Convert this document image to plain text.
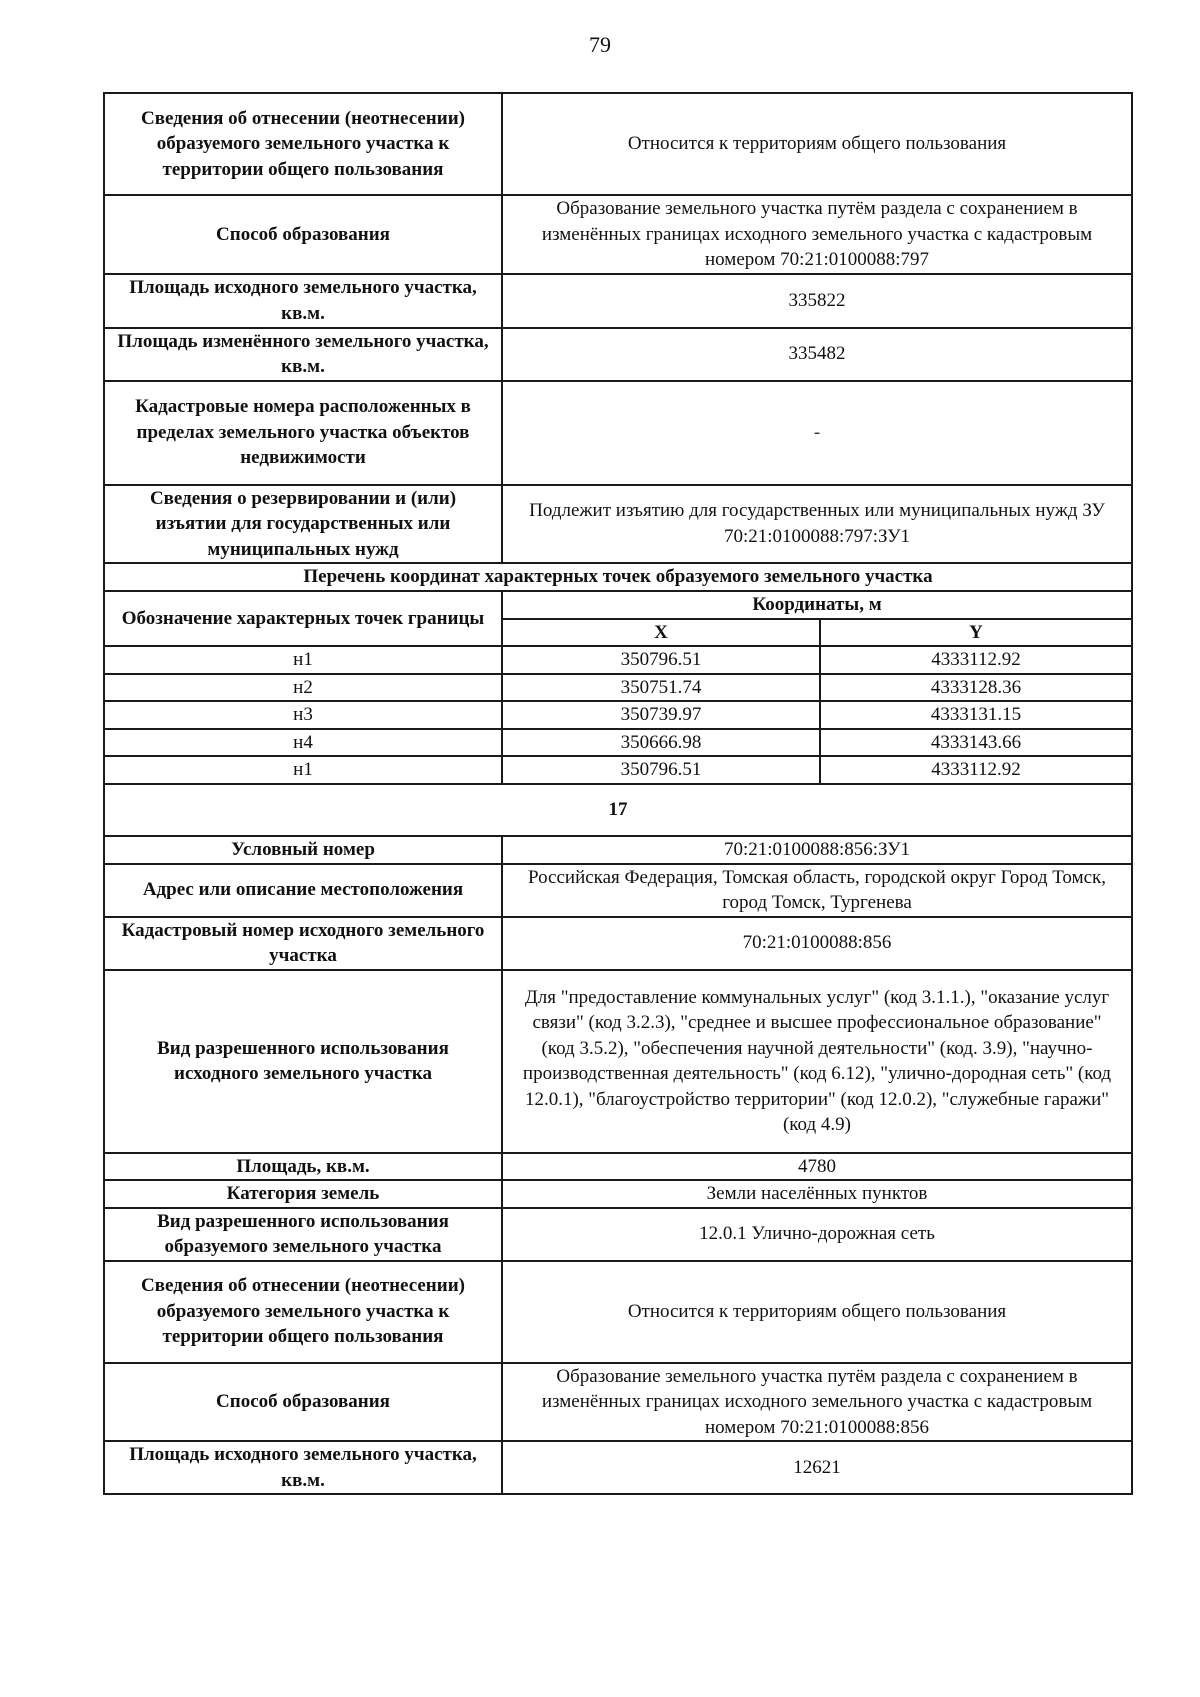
79
Сведения об отнесении (неотнесении) образуемого земельного участка к территории общего пользования	Относится к территориям общего пользования	
Способ образования	Образование земельного участка путём раздела с сохранением в изменённых границах исходного земельного участка с кадастровым номером 70:21:0100088:797	
Площадь исходного земельного участка, кв.м.	335822	
Площадь изменённого земельного участка, кв.м.	335482	
Кадастровые номера расположенных в пределах земельного участка объектов недвижимости	-	
Сведения о резервировании и (или) изъятии для государственных или муниципальных нужд	Подлежит изъятию для государственных или муниципальных нужд ЗУ 70:21:0100088:797:ЗУ1	
Перечень координат характерных точек образуемого земельного участка		
Обозначение характерных точек границы	Координаты, м	
	X	Y
н1	350796.51	4333112.92
н2	350751.74	4333128.36
н3	350739.97	4333131.15
н4	350666.98	4333143.66
н1	350796.51	4333112.92
17		
Условный номер	70:21:0100088:856:ЗУ1	
Адрес или описание местоположения	Российская Федерация, Томская область, городской округ Город Томск, город Томск, Тургенева	
Кадастровый номер исходного земельного участка	70:21:0100088:856	
Вид разрешенного использования исходного земельного участка	Для "предоставление коммунальных услуг" (код 3.1.1.), "оказание услуг связи" (код 3.2.3), "среднее и высшее профессиональное образование" (код 3.5.2), "обеспечения научной деятельности" (код. 3.9), "научно-производственная деятельность" (код 6.12), "улично-дородная сеть" (код 12.0.1), "благоустройство территории" (код 12.0.2), "служебные гаражи" (код 4.9)	
Площадь, кв.м.	4780	
Категория земель	Земли населённых пунктов	
Вид разрешенного использования образуемого земельного участка	12.0.1 Улично-дорожная сеть	
Сведения об отнесении (неотнесении) образуемого земельного участка к территории общего пользования	Относится к территориям общего пользования	
Способ образования	Образование земельного участка путём раздела с сохранением в изменённых границах исходного земельного участка с кадастровым номером 70:21:0100088:856	
Площадь исходного земельного участка, кв.м.	12621	
